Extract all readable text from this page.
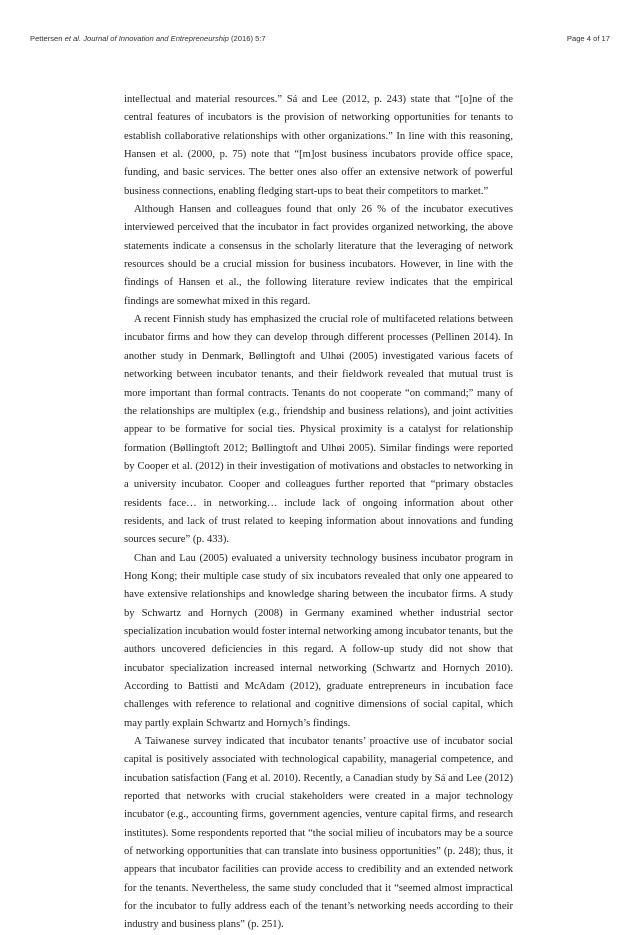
Pettersen et al. Journal of Innovation and Entrepreneurship (2016) 5:7	Page 4 of 17

intellectual and material resources.” Sá and Lee (2012, p. 243) state that “[o]ne of the central features of incubators is the provision of networking opportunities for tenants to establish collaborative relationships with other organizations.” In line with this reasoning, Hansen et al. (2000, p. 75) note that “[m]ost business incubators provide office space, funding, and basic services. The better ones also offer an extensive network of powerful business connections, enabling fledging start-ups to beat their competitors to market.”

Although Hansen and colleagues found that only 26 % of the incubator executives interviewed perceived that the incubator in fact provides organized networking, the above statements indicate a consensus in the scholarly literature that the leveraging of network resources should be a crucial mission for business incubators. However, in line with the findings of Hansen et al., the following literature review indicates that the empirical findings are somewhat mixed in this regard.

A recent Finnish study has emphasized the crucial role of multifaceted relations between incubator firms and how they can develop through different processes (Pellinen 2014). In another study in Denmark, Bøllingtoft and Ulhøi (2005) investigated various facets of networking between incubator tenants, and their fieldwork revealed that mutual trust is more important than formal contracts. Tenants do not cooperate “on command;” many of the relationships are multiplex (e.g., friendship and business relations), and joint activities appear to be formative for social ties. Physical proximity is a catalyst for relationship formation (Bøllingtoft 2012; Bøllingtoft and Ulhøi 2005). Similar findings were reported by Cooper et al. (2012) in their investigation of motivations and obstacles to networking in a university incubator. Cooper and colleagues further reported that “primary obstacles residents face… in networking… include lack of ongoing information about other residents, and lack of trust related to keeping information about innovations and funding sources secure” (p. 433).

Chan and Lau (2005) evaluated a university technology business incubator program in Hong Kong; their multiple case study of six incubators revealed that only one appeared to have extensive relationships and knowledge sharing between the incubator firms. A study by Schwartz and Hornych (2008) in Germany examined whether industrial sector specialization incubation would foster internal networking among incubator tenants, but the authors uncovered deficiencies in this regard. A follow-up study did not show that incubator specialization increased internal networking (Schwartz and Hornych 2010). According to Battisti and McAdam (2012), graduate entrepreneurs in incubation face challenges with reference to relational and cognitive dimensions of social capital, which may partly explain Schwartz and Hornych’s findings.

A Taiwanese survey indicated that incubator tenants’ proactive use of incubator social capital is positively associated with technological capability, managerial competence, and incubation satisfaction (Fang et al. 2010). Recently, a Canadian study by Sá and Lee (2012) reported that networks with crucial stakeholders were created in a major technology incubator (e.g., accounting firms, government agencies, venture capital firms, and research institutes). Some respondents reported that “the social milieu of incubators may be a source of networking opportunities that can translate into business opportunities” (p. 248); thus, it appears that incubator facilities can provide access to credibility and an extended network for the tenants. Nevertheless, the same study concluded that it “seemed almost impractical for the incubator to fully address each of the tenant’s networking needs according to their industry and business plans” (p. 251).
